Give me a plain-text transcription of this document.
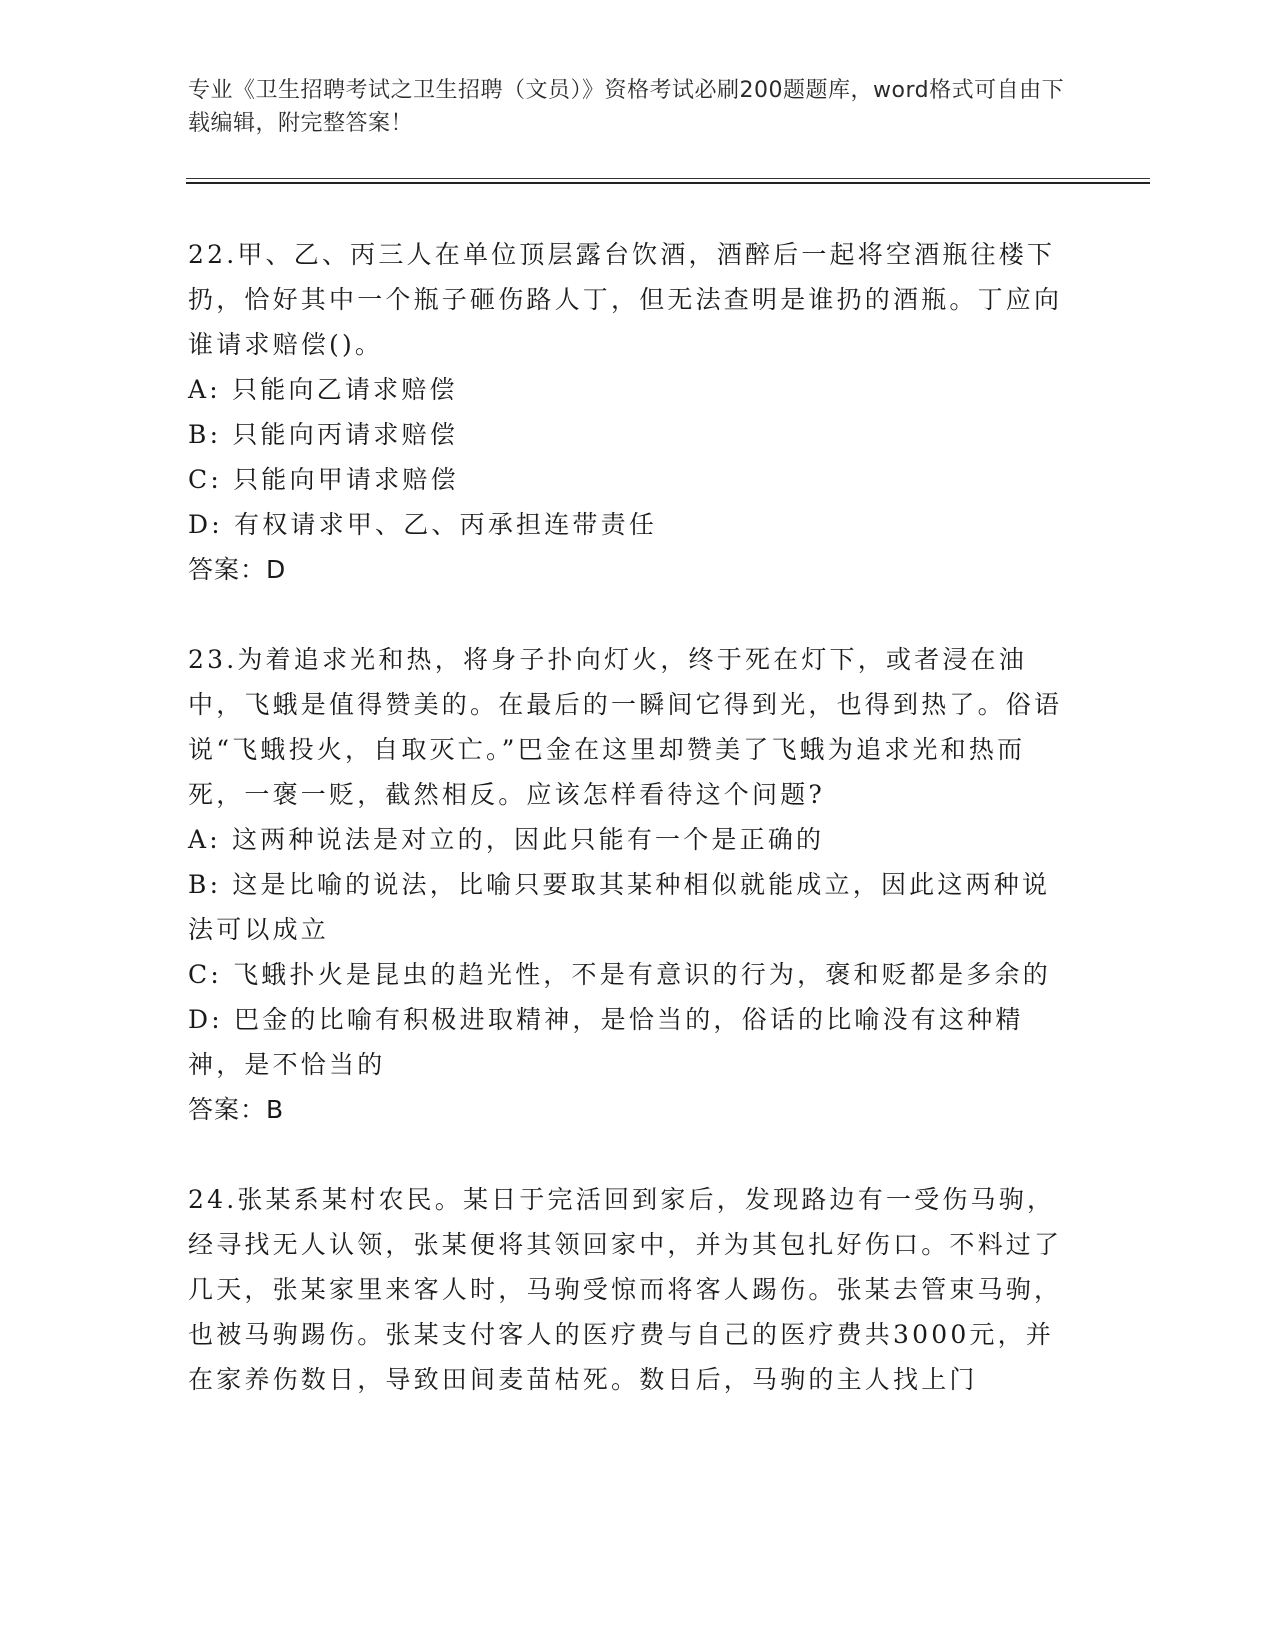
专业《卫生招聘考试之卫生招聘（文员）》资格考试必刷200题题库，word格式可自由下载编辑，附完整答案！

22.甲、乙、丙三人在单位顶层露台饮酒，酒醉后一起将空酒瓶往楼下扔，恰好其中一个瓶子砸伤路人丁，但无法查明是谁扔的酒瓶。丁应向谁请求赔偿()。

A: 只能向乙请求赔偿

B: 只能向丙请求赔偿

C: 只能向甲请求赔偿

D: 有权请求甲、乙、丙承担连带责任

答案：D

23.为着追求光和热，将身子扑向灯火，终于死在灯下，或者浸在油中，飞蛾是值得赞美的。在最后的一瞬间它得到光，也得到热了。俗语说“飞蛾投火，自取灭亡。”巴金在这里却赞美了飞蛾为追求光和热而死，一褒一贬，截然相反。应该怎样看待这个问题?

A: 这两种说法是对立的，因此只能有一个是正确的

B: 这是比喻的说法，比喻只要取其某种相似就能成立，因此这两种说法可以成立

C: 飞蛾扑火是昆虫的趋光性，不是有意识的行为，褒和贬都是多余的

D: 巴金的比喻有积极进取精神，是恰当的，俗话的比喻没有这种精神，是不恰当的

答案：B

24.张某系某村农民。某日于完活回到家后，发现路边有一受伤马驹，经寻找无人认领，张某便将其领回家中，并为其包扎好伤口。不料过了几天，张某家里来客人时，马驹受惊而将客人踢伤。张某去管束马驹，也被马驹踢伤。张某支付客人的医疗费与自己的医疗费共3000元，并在家养伤数日，导致田间麦苗枯死。数日后，马驹的主人找上门
